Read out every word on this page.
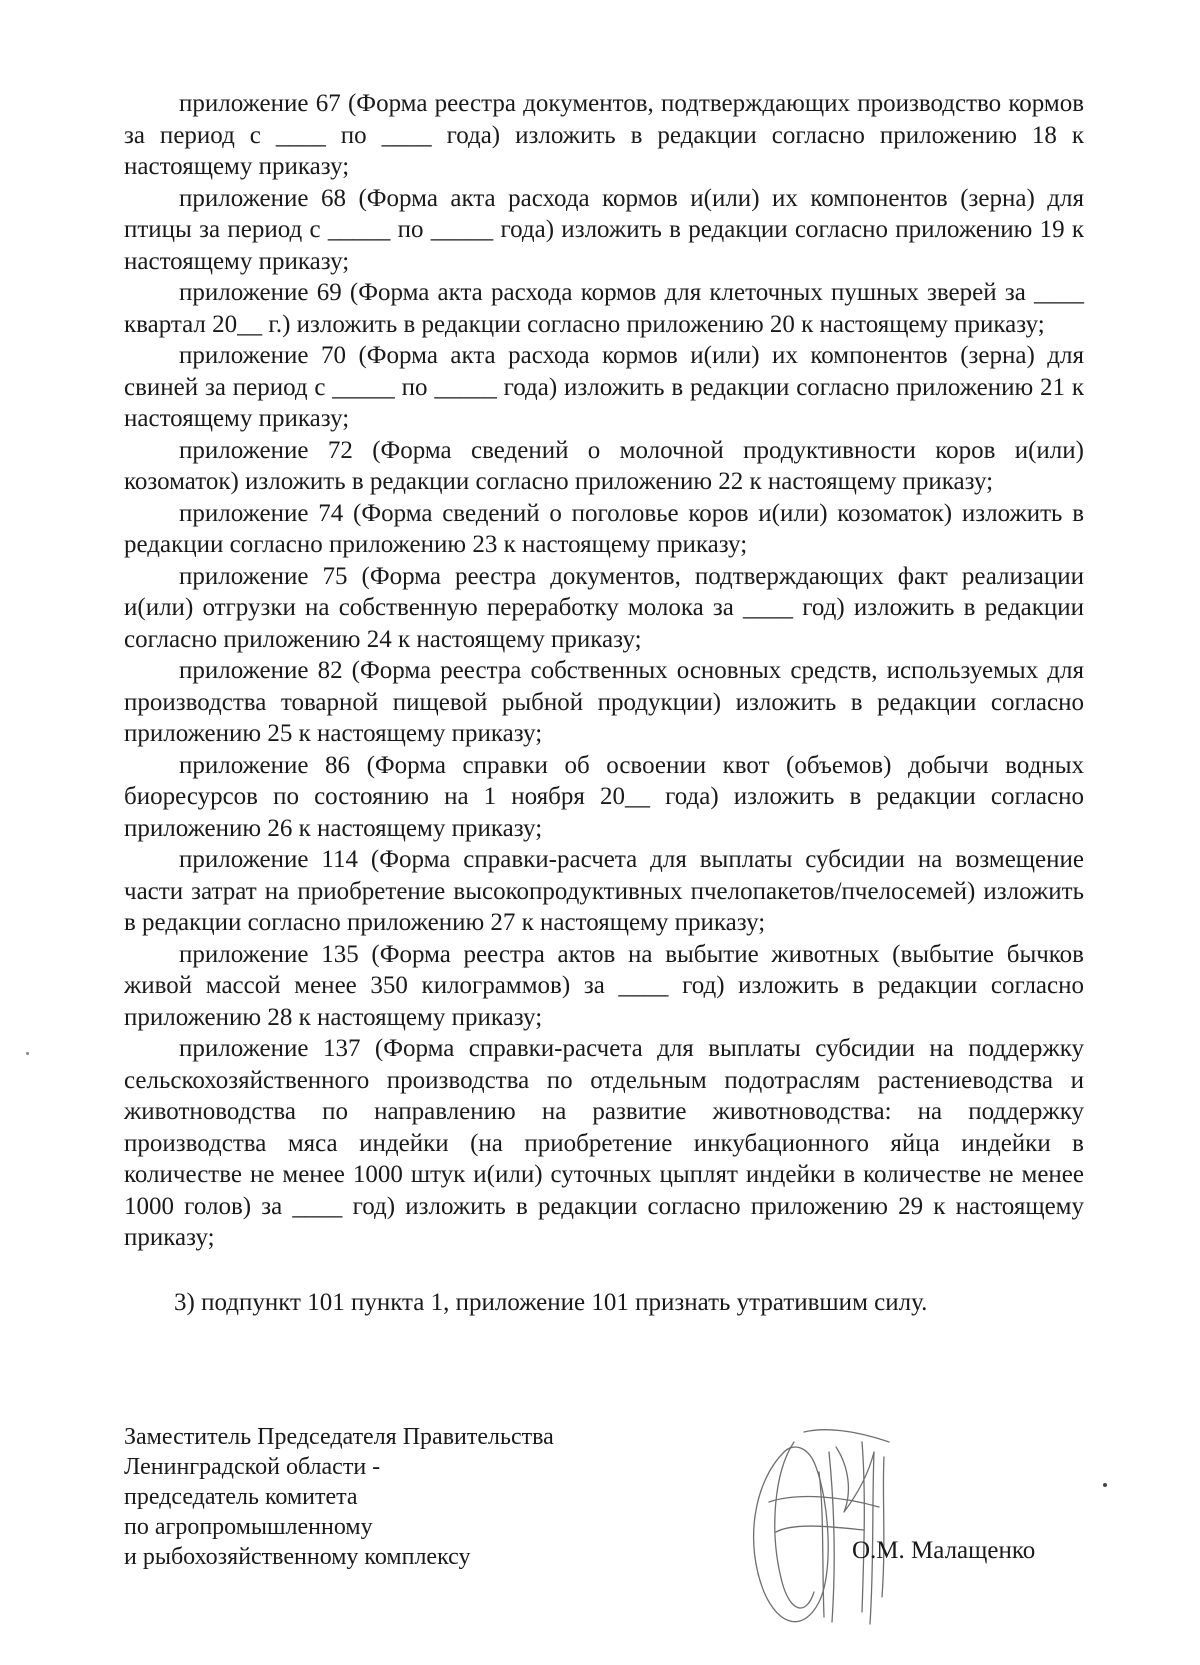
приложение 67 (Форма реестра документов, подтверждающих производство кормов за период с ____ по ____ года) изложить в редакции согласно приложению 18 к настоящему приказу;

приложение 68 (Форма акта расхода кормов и(или) их компонентов (зерна) для птицы за период с _____ по _____ года) изложить в редакции согласно приложению 19 к настоящему приказу;

приложение 69 (Форма акта расхода кормов для клеточных пушных зверей за ____ квартал 20__ г.) изложить в редакции согласно приложению 20 к настоящему приказу;

приложение 70 (Форма акта расхода кормов и(или) их компонентов (зерна) для свиней за период с _____ по _____ года) изложить в редакции согласно приложению 21 к настоящему приказу;

приложение 72 (Форма сведений о молочной продуктивности коров и(или) козоматок) изложить в редакции согласно приложению 22 к настоящему приказу;

приложение 74 (Форма сведений о поголовье коров и(или) козоматок) изложить в редакции согласно приложению 23 к настоящему приказу;

приложение 75 (Форма реестра документов, подтверждающих факт реализации и(или) отгрузки на собственную переработку молока за ____ год) изложить в редакции согласно приложению 24 к настоящему приказу;

приложение 82 (Форма реестра собственных основных средств, используемых для производства товарной пищевой рыбной продукции) изложить в редакции согласно приложению 25 к настоящему приказу;

приложение 86 (Форма справки об освоении квот (объемов) добычи водных биоресурсов по состоянию на 1 ноября 20__ года) изложить в редакции согласно приложению 26 к настоящему приказу;

приложение 114 (Форма справки-расчета для выплаты субсидии на возмещение части затрат на приобретение высокопродуктивных пчелопакетов/пчелосемей) изложить в редакции согласно приложению 27 к настоящему приказу;

приложение 135 (Форма реестра актов на выбытие животных (выбытие бычков живой массой менее 350 килограммов) за ____ год) изложить в редакции согласно приложению 28 к настоящему приказу;

приложение 137 (Форма справки-расчета для выплаты субсидии на поддержку сельскохозяйственного производства по отдельным подотраслям растениеводства и животноводства по направлению на развитие животноводства: на поддержку производства мяса индейки (на приобретение инкубационного яйца индейки в количестве не менее 1000 штук и(или) суточных цыплят индейки в количестве не менее 1000 голов) за ____ год) изложить в редакции согласно приложению 29 к настоящему приказу;

3) подпункт 101 пункта 1, приложение 101 признать утратившим силу.

Заместитель Председателя Правительства
Ленинградской области -
председатель комитета
по агропромышленному
и рыбохозяйственному комплексу	О.М. Малащенко
